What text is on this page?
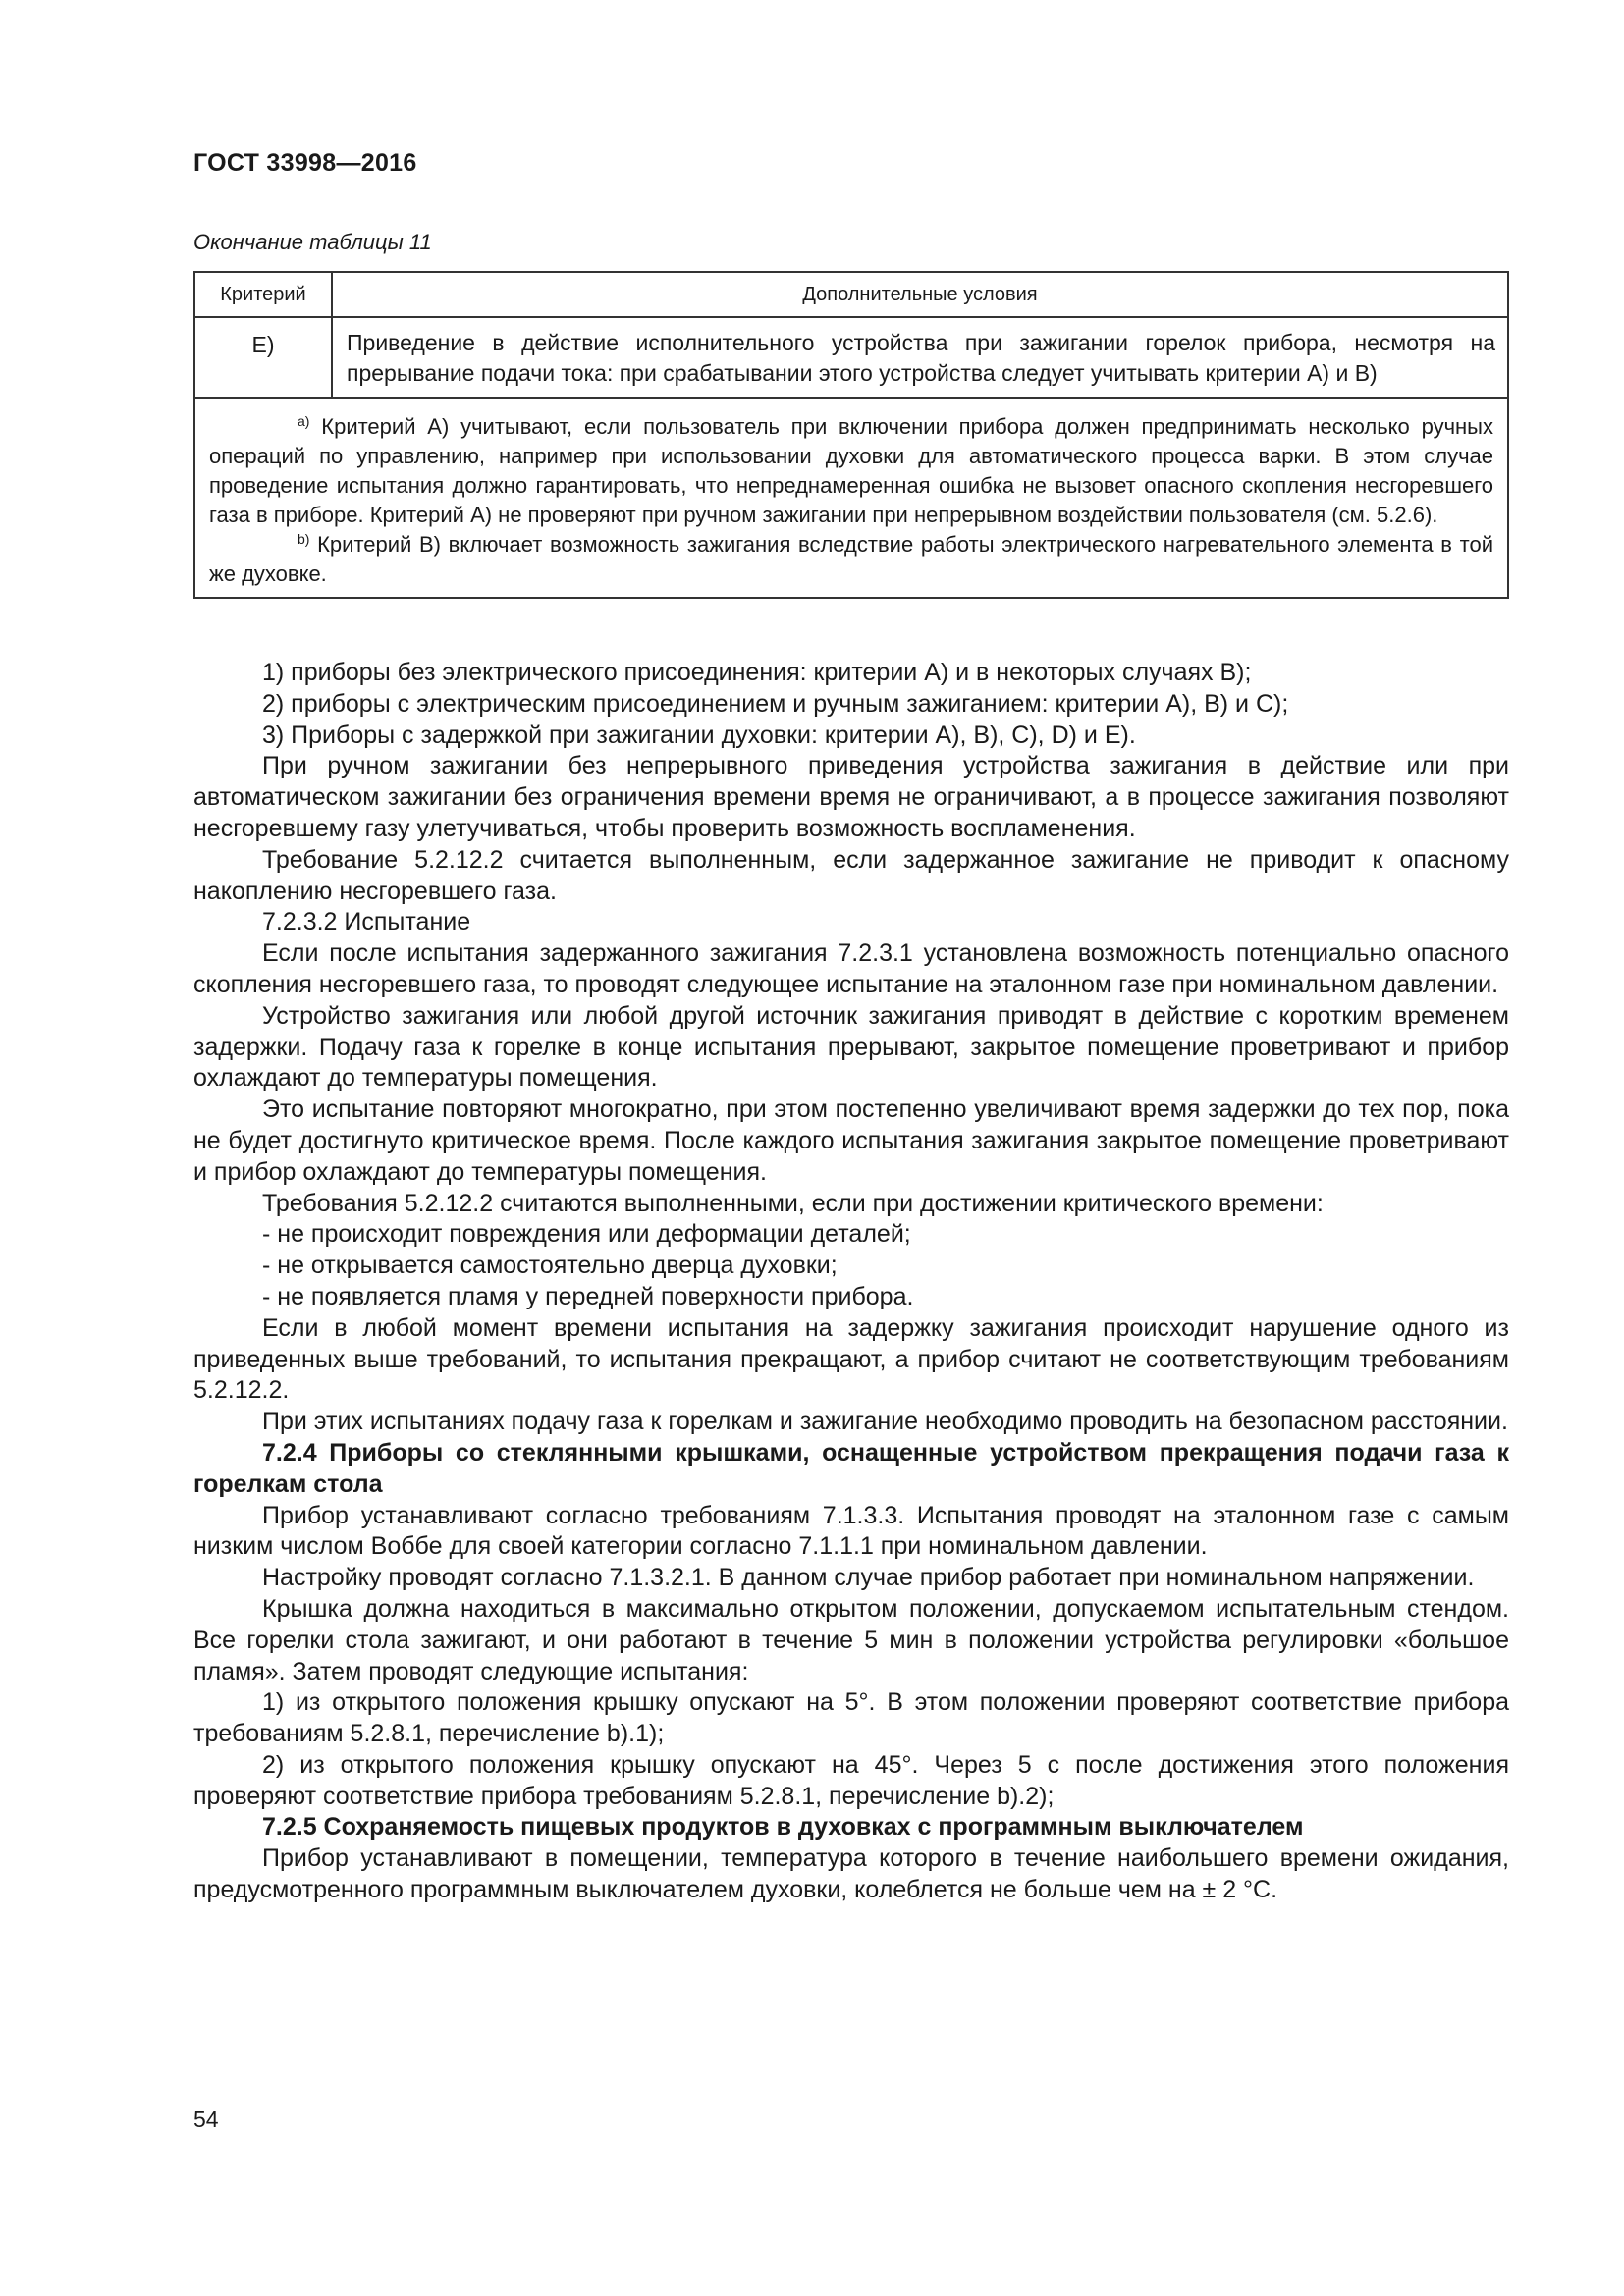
ГОСТ 33998—2016
Окончание таблицы 11
Критерий	Дополнительные условия
E)	Приведение в действие исполнительного устройства при зажигании горелок прибора, несмотря на прерывание подачи тока: при срабатывании этого устройства следует учитывать критерии A) и B)

$^{a)}$ Критерий A) учитывают, если пользователь при включении прибора должен предпринимать несколько ручных операций по управлению, например при использовании духовки для автоматического процесса варки. В этом случае проведение испытания должно гарантировать, что непреднамеренная ошибка не вызовет опасного скопления несгоревшего газа в приборе. Критерий A) не проверяют при ручном зажигании при непрерывном воздействии пользователя (см. 5.2.6).

$^{b)}$ Критерий B) включает возможность зажигания вследствие работы электрического нагревательного элемента в той же духовке.	

1) приборы без электрического присоединения: критерии A) и в некоторых случаях B);

2) приборы с электрическим присоединением и ручным зажиганием: критерии A), B) и C);

3) Приборы с задержкой при зажигании духовки: критерии A), B), C), D) и E).

При ручном зажигании без непрерывного приведения устройства зажигания в действие или при автоматическом зажигании без ограничения времени время не ограничивают, а в процессе зажигания позволяют несгоревшему газу улетучиваться, чтобы проверить возможность воспламенения.

Требование 5.2.12.2 считается выполненным, если задержанное зажигание не приводит к опасному накоплению несгоревшего газа.

7.2.3.2 Испытание

Если после испытания задержанного зажигания 7.2.3.1 установлена возможность потенциально опасного скопления несгоревшего газа, то проводят следующее испытание на эталонном газе при номинальном давлении.

Устройство зажигания или любой другой источник зажигания приводят в действие с коротким временем задержки. Подачу газа к горелке в конце испытания прерывают, закрытое помещение проветривают и прибор охлаждают до температуры помещения.

Это испытание повторяют многократно, при этом постепенно увеличивают время задержки до тех пор, пока не будет достигнуто критическое время. После каждого испытания зажигания закрытое помещение проветривают и прибор охлаждают до температуры помещения.

Требования 5.2.12.2 считаются выполненными, если при достижении критического времени:

- не происходит повреждения или деформации деталей;

- не открывается самостоятельно дверца духовки;

- не появляется пламя у передней поверхности прибора.

Если в любой момент времени испытания на задержку зажигания происходит нарушение одного из приведенных выше требований, то испытания прекращают, а прибор считают не соответствующим требованиям 5.2.12.2.

При этих испытаниях подачу газа к горелкам и зажигание необходимо проводить на безопасном расстоянии.

7.2.4 Приборы со стеклянными крышками, оснащенные устройством прекращения подачи газа к горелкам стола

Прибор устанавливают согласно требованиям 7.1.3.3. Испытания проводят на эталонном газе с самым низким числом Воббе для своей категории согласно 7.1.1.1 при номинальном давлении.

Настройку проводят согласно 7.1.3.2.1. В данном случае прибор работает при номинальном напряжении.

Крышка должна находиться в максимально открытом положении, допускаемом испытательным стендом. Все горелки стола зажигают, и они работают в течение 5 мин в положении устройства регулировки «большое пламя». Затем проводят следующие испытания:

1) из открытого положения крышку опускают на 5°. В этом положении проверяют соответствие прибора требованиям 5.2.8.1, перечисление b).1);

2) из открытого положения крышку опускают на 45°. Через 5 с после достижения этого положения проверяют соответствие прибора требованиям 5.2.8.1, перечисление b).2);

7.2.5 Сохраняемость пищевых продуктов в духовках с программным выключателем

Прибор устанавливают в помещении, температура которого в течение наибольшего времени ожидания, предусмотренного программным выключателем духовки, колеблется не больше чем на ± 2 °С.

54
